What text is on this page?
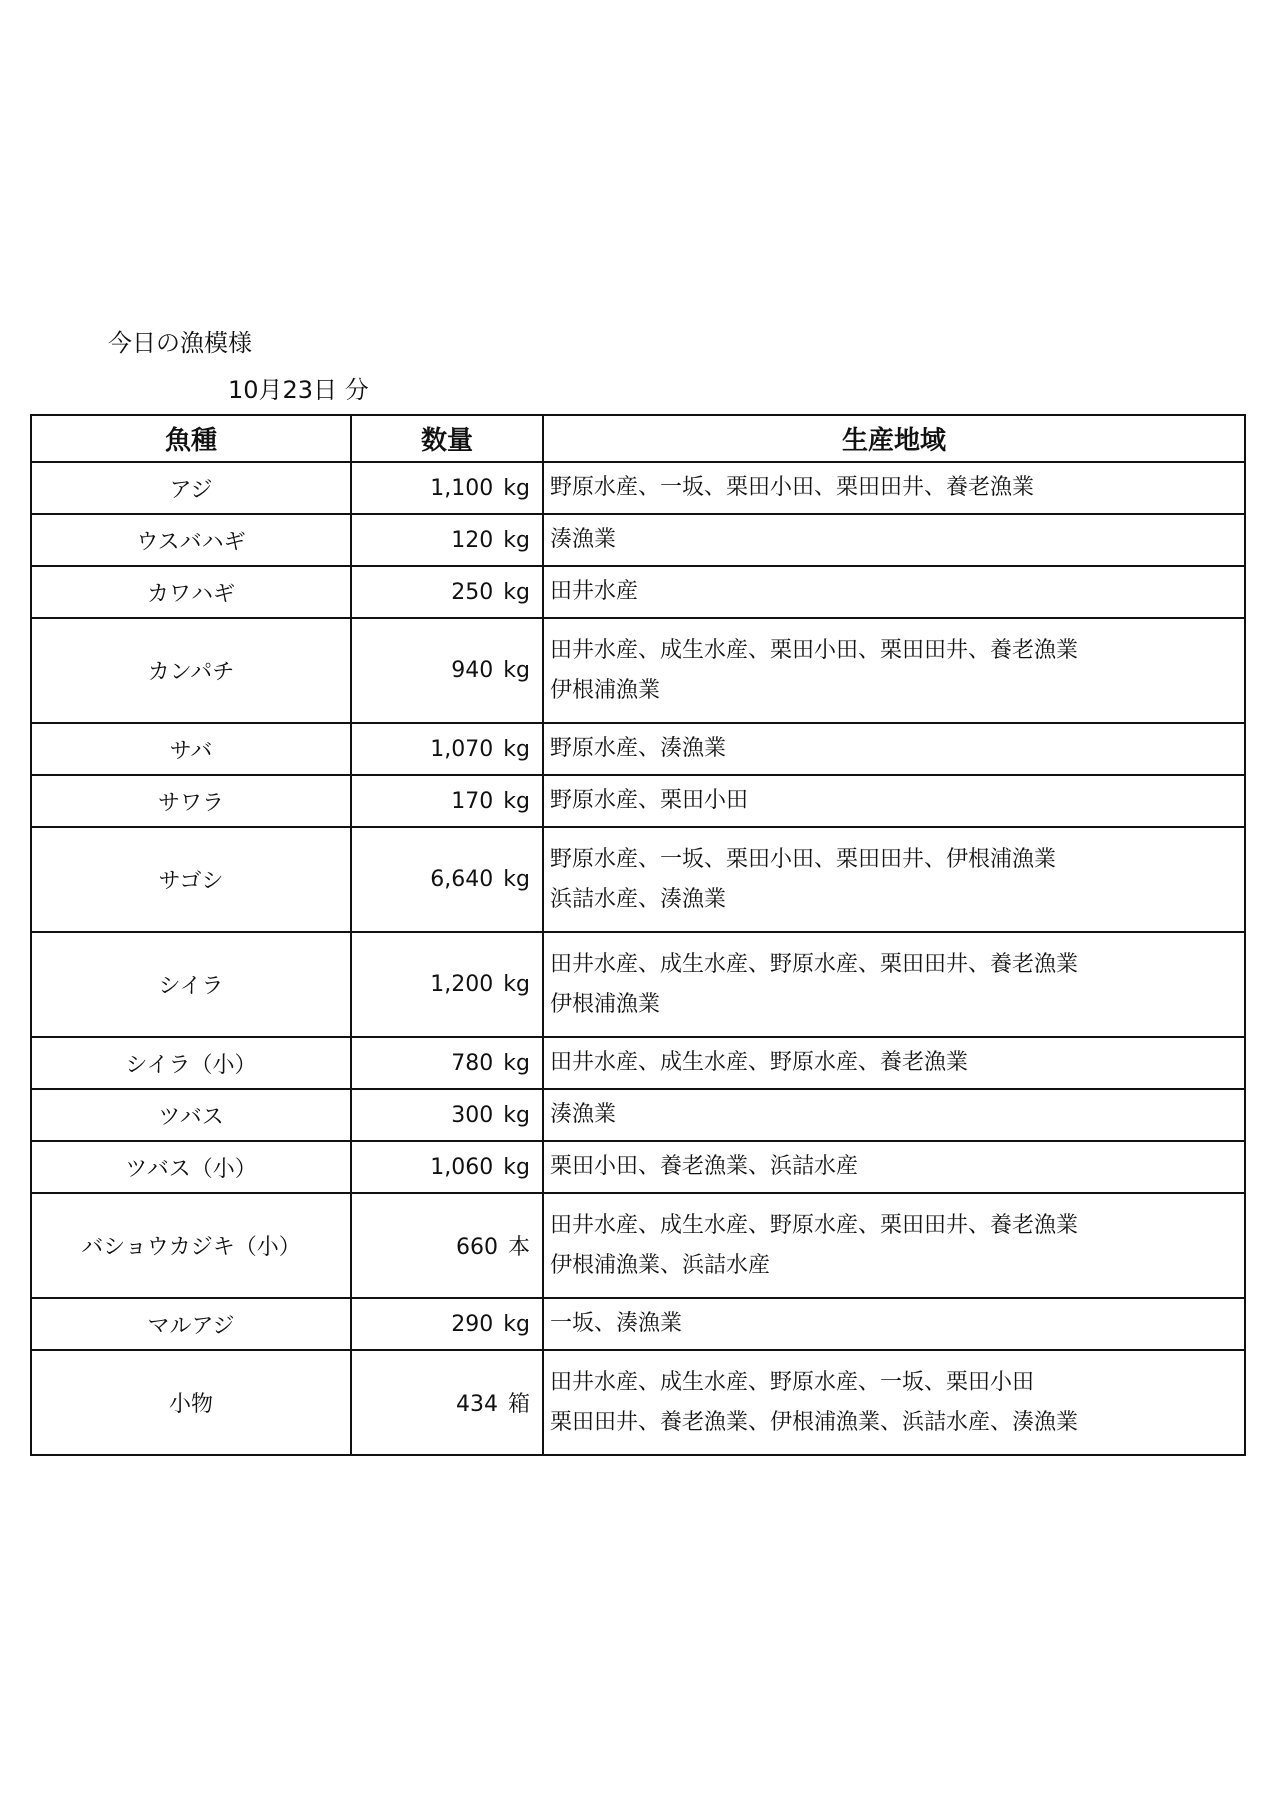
今日の漁模様
10月23日 分
魚種	数量	生産地域
アジ	1,100 kg	野原水産、一坂、栗田小田、栗田田井、養老漁業

ウスバハギ	120 kg	湊漁業

カワハギ	250 kg	田井水産

カンパチ	940 kg	田井水産、成生水産、栗田小田、栗田田井、養老漁業
伊根浦漁業

サバ	1,070 kg	野原水産、湊漁業

サワラ	170 kg	野原水産、栗田小田

サゴシ	6,640 kg	野原水産、一坂、栗田小田、栗田田井、伊根浦漁業
浜詰水産、湊漁業

シイラ	1,200 kg	田井水産、成生水産、野原水産、栗田田井、養老漁業
伊根浦漁業

シイラ（小）	780 kg	田井水産、成生水産、野原水産、養老漁業

ツバス	300 kg	湊漁業

ツバス（小）	1,060 kg	栗田小田、養老漁業、浜詰水産

バショウカジキ（小）	660 本	田井水産、成生水産、野原水産、栗田田井、養老漁業
伊根浦漁業、浜詰水産

マルアジ	290 kg	一坂、湊漁業

小物	434 箱	田井水産、成生水産、野原水産、一坂、栗田小田
栗田田井、養老漁業、伊根浦漁業、浜詰水産、湊漁業
